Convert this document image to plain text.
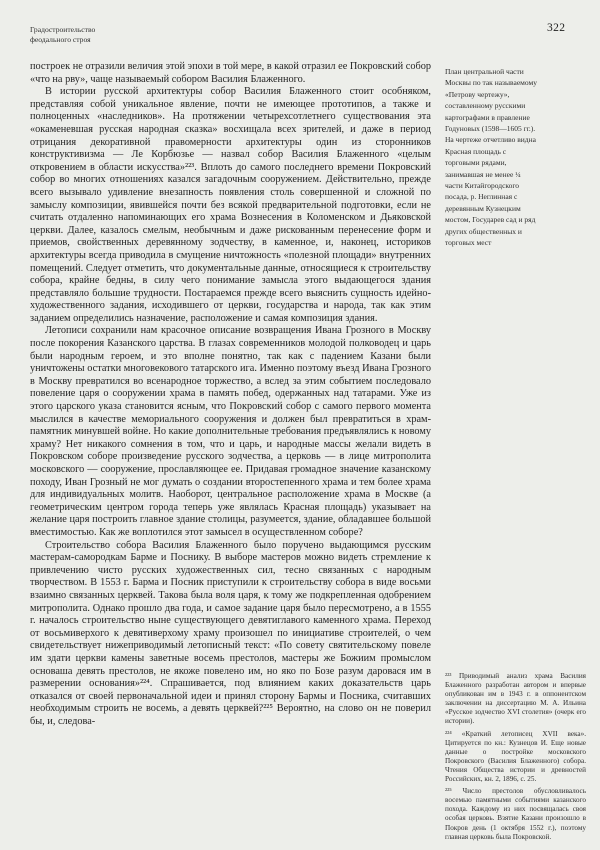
Градостроительство
феодального строя
322

построек не отразили величия этой эпохи в той мере, в какой отразил ее Покровский собор «что на рву», чаще называемый собором Василия Блаженного.

В истории русской архитектуры собор Василия Блаженного стоит особняком, представляя собой уникальное явление, почти не имеющее прототипов, а также и полноценных «наследников». На протяжении четырехсотлетнего существования эта «окаменевшая русская народная сказка» восхищала всех зрителей, и даже в период отрицания декоративной правомерности архитектуры один из сторонников конструктивизма — Ле Корбюзье — назвал собор Василия Блаженного «целым откровением в области искусства»²²³. Вплоть до самого последнего времени Покровский собор во многих отношениях казался загадочным сооружением. Действительно, прежде всего вызывало удивление внезапность появления столь совершенной и сложной по замыслу композиции, явившейся почти без всякой предварительной подготовки, если не считать отдаленно напоминающих его храма Вознесения в Коломенском и Дьяковской церкви. Далее, казалось смелым, необычным и даже рискованным перенесение форм и приемов, свойственных деревянному зодчеству, в каменное, и, наконец, историков архитектуры всегда приводила в смущение ничтожность «полезной площади» внутренних помещений. Следует отметить, что документальные данные, относящиеся к строительству собора, крайне бедны, в силу чего понимание замысла этого выдающегося здания представляло большие трудности. Постараемся прежде всего выяснить сущность идейно-художественного задания, исходившего от церкви, государства и народа, так как этим заданием определились назначение, расположение и самая композиция здания.

Летописи сохранили нам красочное описание возвращения Ивана Грозного в Москву после покорения Казанского царства. В глазах современников молодой полководец и царь были народным героем, и это вполне понятно, так как с падением Казани были уничтожены остатки многовекового татарского ига. Именно поэтому въезд Ивана Грозного в Москву превратился во всенародное торжество, а вслед за этим событием последовало повеление царя о сооружении храма в память побед, одержанных над татарами. Уже из этого царского указа становится ясным, что Покровский собор с самого первого момента мыслился в качестве мемориального сооружения и должен был превратиться в храм-памятник минувшей войне. Но какие дополнительные требования предъявлялись к новому храму? Нет никакого сомнения в том, что и царь, и народные массы желали видеть в Покровском соборе произведение русского зодчества, а церковь — в лице митрополита московского — сооружение, прославляющее ее. Придавая громадное значение казанскому походу, Иван Грозный не мог думать о создании второстепенного храма и тем более храма для индивидуальных молитв. Наоборот, центральное расположение храма в Москве (а геометрическим центром города теперь уже являлась Красная площадь) указывает на желание царя построить главное здание столицы, разумеется, здание, обладавшее большой вместимостью. Как же воплотился этот замысел в осуществленном соборе?

Строительство собора Василия Блаженного было поручено выдающимся русским мастерам-самородкам Барме и Поснику. В выборе мастеров можно видеть стремление к привлечению чисто русских художественных сил, тесно связанных с народным творчеством. В 1553 г. Барма и Посник приступили к строительству собора в виде восьми взаимно связанных церквей. Такова была воля царя, к тому же подкрепленная одобрением митрополита. Однако прошло два года, и самое задание царя было пересмотрено, а в 1555 г. началось строительство ныне существующего девятиглавого каменного храма. Переход от восьмиверхого к девятиверхому храму произошел по инициативе строителей, о чем свидетельствует нижеприводимый летописный текст: «По совету святительскому повеле им здати церкви камены заветные восемь престолов, мастеры же Божиим промыслом основаша девять престолов, не якоже повелено им, но яко по Бозе разум даровася им в размерении основания»²²⁴. Спрашивается, под влиянием каких доказательств царь отказался от своей первоначальной идеи и принял сторону Бармы и Посника, считавших необходимым строить не восемь, а девять церквей?²²⁵ Вероятно, на слово он не поверил бы, и, следова-

План центральной части Москвы по так называемому «Петрову чертежу», составленному русскими картографами в правление Годуновых (1598—1605 гг.). На чертеже отчетливо видна Красная площадь с торговыми рядами, занимавшая не менее ¼ части Китайгородского посада, р. Неглинная с деревянным Кузнецким мостом, Государев сад и ряд других общественных и торговых мест

²²³ Приводимый анализ храма Василия Блаженного разработан автором и впервые опубликован им в 1943 г. в оппонентском заключении на диссертацию М. А. Ильина «Русское зодчество XVI столетия» (очерк его истории).

²²⁴ «Краткий летописец XVII века». Цитируется по кн.: Кузнецов И. Еще новые данные о постройке московского Покровского (Василия Блаженного) собора. Чтения Общества истории и древностей Российских, кн. 2, 1896, с. 25.

²²⁵ Число престолов обусловливалось восемью памятными событиями казанского похода. Каждому из них посвящалась своя особая церковь. Взятие Казани произошло в Покров день (1 октября 1552 г.), поэтому главная церковь была Покровской.
